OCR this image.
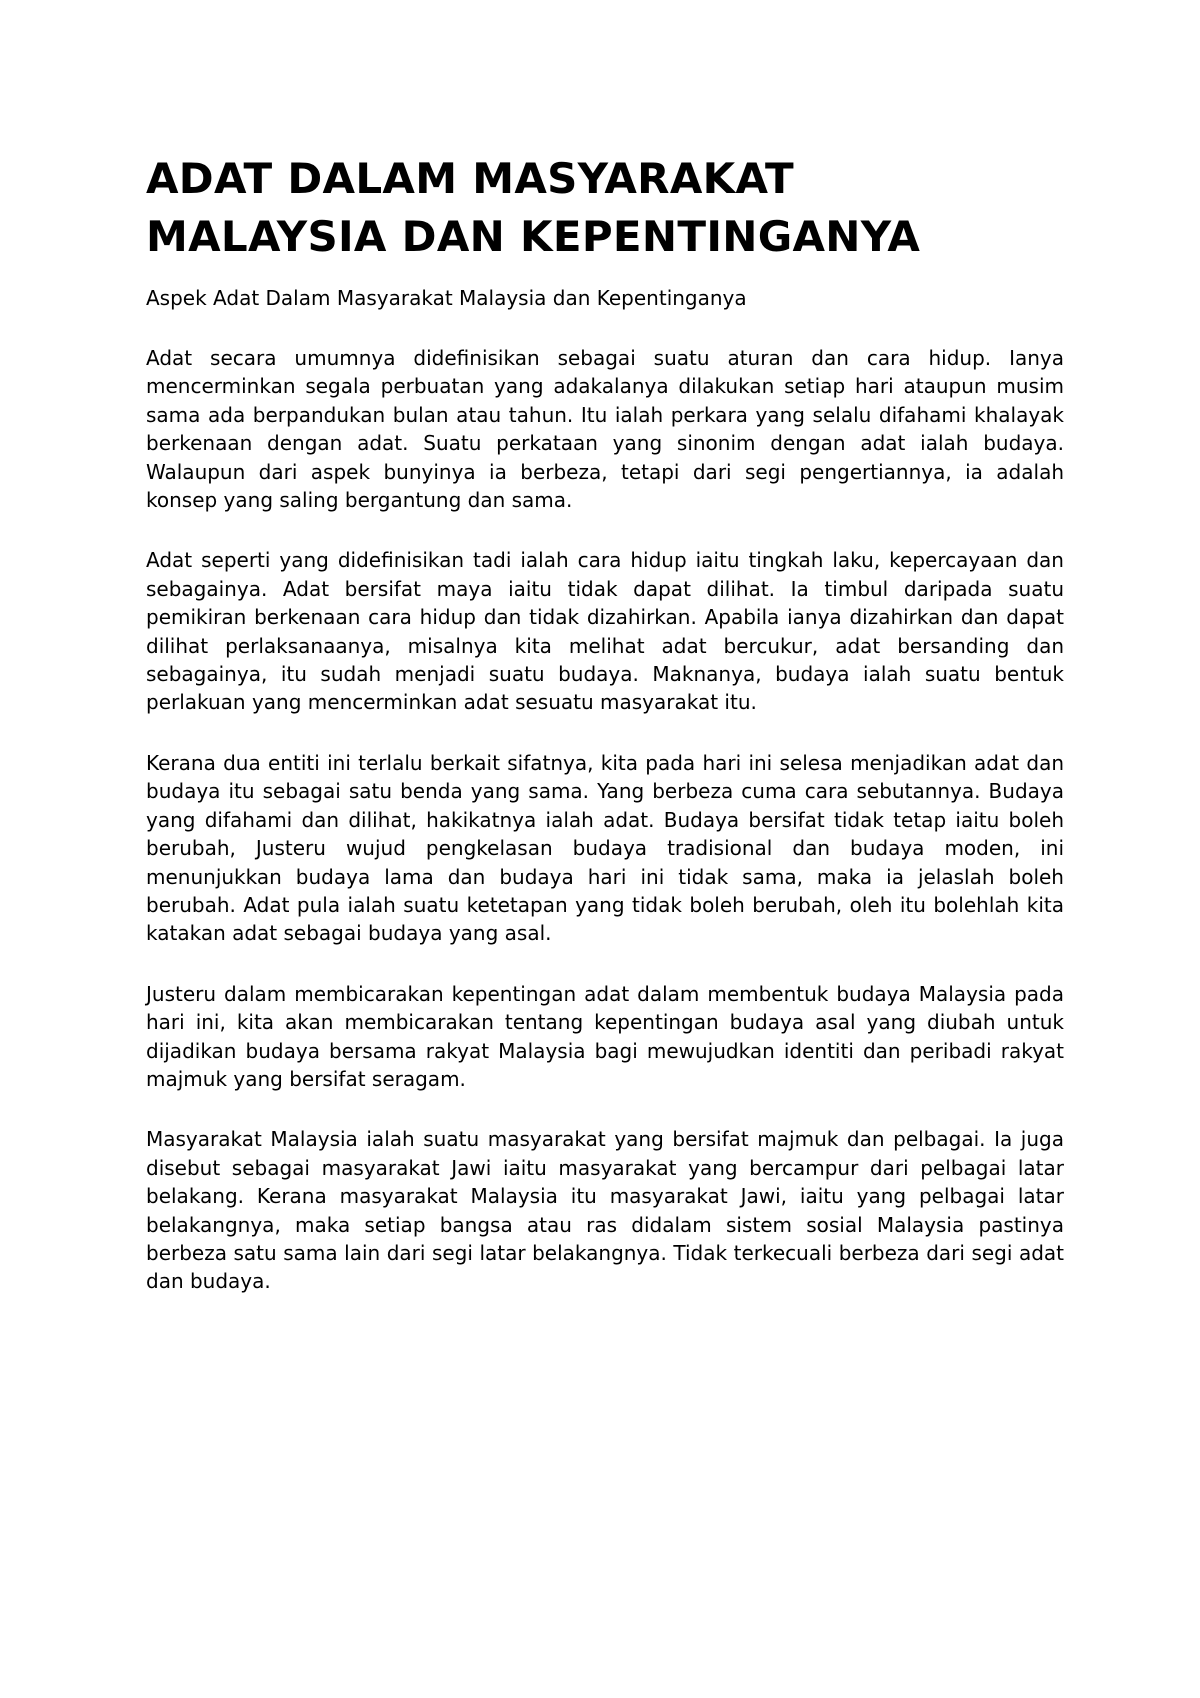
ADAT DALAM MASYARAKAT
MALAYSIA DAN KEPENTINGANYA

Aspek Adat Dalam Masyarakat Malaysia dan Kepentinganya

Adat secara umumnya didefinisikan sebagai suatu aturan dan cara hidup. Ianya mencerminkan segala perbuatan yang adakalanya dilakukan setiap hari ataupun musim sama ada berpandukan bulan atau tahun. Itu ialah perkara yang selalu difahami khalayak berkenaan dengan adat. Suatu perkataan yang sinonim dengan adat ialah budaya. Walaupun dari aspek bunyinya ia berbeza, tetapi dari segi pengertiannya, ia adalah konsep yang saling bergantung dan sama.

Adat seperti yang didefinisikan tadi ialah cara hidup iaitu tingkah laku, kepercayaan dan sebagainya. Adat bersifat maya iaitu tidak dapat dilihat. Ia timbul daripada suatu pemikiran berkenaan cara hidup dan tidak dizahirkan. Apabila ianya dizahirkan dan dapat dilihat perlaksanaanya, misalnya kita melihat adat bercukur, adat bersanding dan sebagainya, itu sudah menjadi suatu budaya. Maknanya, budaya ialah suatu bentuk perlakuan yang mencerminkan adat sesuatu masyarakat itu.

Kerana dua entiti ini terlalu berkait sifatnya, kita pada hari ini selesa menjadikan adat dan budaya itu sebagai satu benda yang sama. Yang berbeza cuma cara sebutannya. Budaya yang difahami dan dilihat, hakikatnya ialah adat. Budaya bersifat tidak tetap iaitu boleh berubah, Justeru wujud pengkelasan budaya tradisional dan budaya moden, ini menunjukkan budaya lama dan budaya hari ini tidak sama, maka ia jelaslah boleh berubah. Adat pula ialah suatu ketetapan yang tidak boleh berubah, oleh itu bolehlah kita katakan adat sebagai budaya yang asal.

Justeru dalam membicarakan kepentingan adat dalam membentuk budaya Malaysia pada hari ini, kita akan membicarakan tentang kepentingan budaya asal yang diubah untuk dijadikan budaya bersama rakyat Malaysia bagi mewujudkan identiti dan peribadi rakyat majmuk yang bersifat seragam.

Masyarakat Malaysia ialah suatu masyarakat yang bersifat majmuk dan pelbagai. Ia juga disebut sebagai masyarakat Jawi iaitu masyarakat yang bercampur dari pelbagai latar belakang. Kerana masyarakat Malaysia itu masyarakat Jawi, iaitu yang pelbagai latar belakangnya, maka setiap bangsa atau ras didalam sistem sosial Malaysia pastinya berbeza satu sama lain dari segi latar belakangnya. Tidak terkecuali berbeza dari segi adat dan budaya.
